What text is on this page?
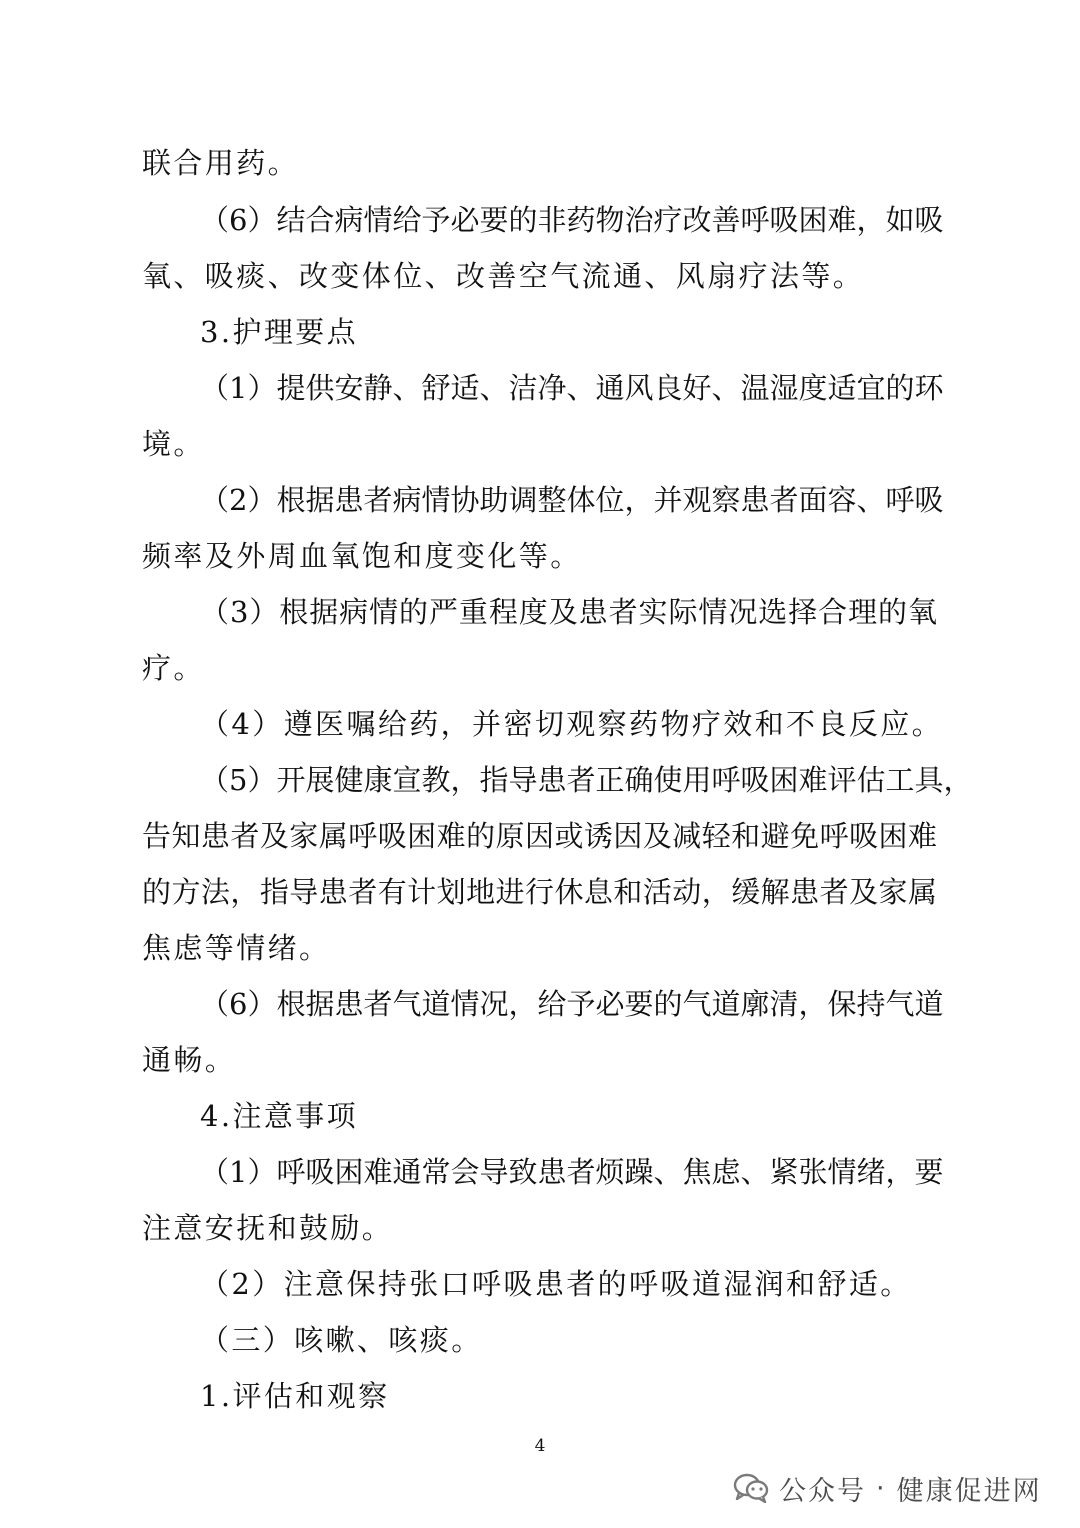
联合用药。
（6）结合病情给予必要的非药物治疗改善呼吸困难，如吸
氧、吸痰、改变体位、改善空气流通、风扇疗法等。
3.护理要点
（1）提供安静、舒适、洁净、通风良好、温湿度适宜的环
境。
（2）根据患者病情协助调整体位，并观察患者面容、呼吸
频率及外周血氧饱和度变化等。
（3）根据病情的严重程度及患者实际情况选择合理的氧
疗。
（4）遵医嘱给药，并密切观察药物疗效和不良反应。
（5）开展健康宣教，指导患者正确使用呼吸困难评估工具，
告知患者及家属呼吸困难的原因或诱因及减轻和避免呼吸困难
的方法，指导患者有计划地进行休息和活动，缓解患者及家属
焦虑等情绪。
（6）根据患者气道情况，给予必要的气道廓清，保持气道
通畅。
4.注意事项
（1）呼吸困难通常会导致患者烦躁、焦虑、紧张情绪，要
注意安抚和鼓励。
（2）注意保持张口呼吸患者的呼吸道湿润和舒适。
（三）咳嗽、咳痰。
1.评估和观察
4
公众号 · 健康促进网
